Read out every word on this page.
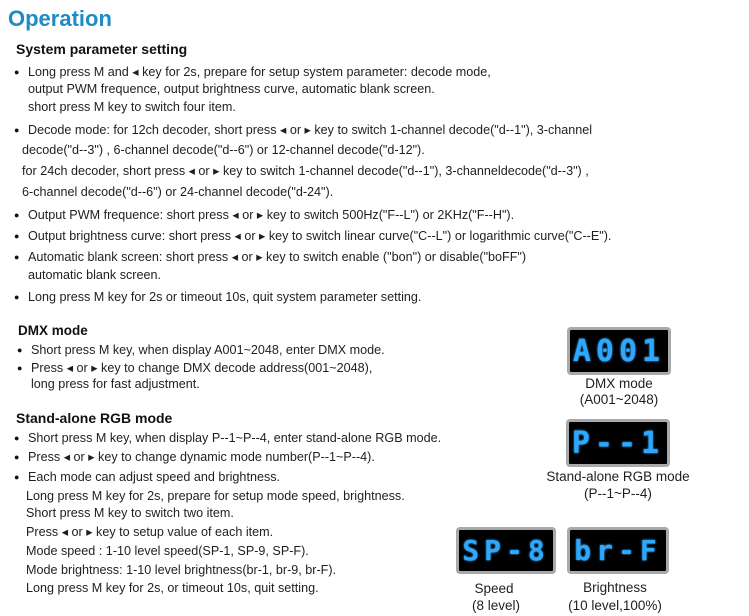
Operation
System parameter setting
● Long press M and ◂ key for 2s, prepare for setup system parameter: decode mode,
output PWM frequence, output brightness curve, automatic blank screen.
short press M key to switch four item.
● Decode mode: for 12ch decoder, short press ◂ or ▸ key to switch 1-channel decode("d--1"), 3-channel
decode("d--3") , 6-channel decode("d--6") or 12-channel decode("d-12").
for 24ch decoder, short press ◂ or ▸ key to switch 1-channel decode("d--1"), 3-channeldecode("d--3") ,
6-channel decode("d--6") or 24-channel decode("d-24").
● Output PWM frequence: short press ◂ or ▸ key to switch 500Hz("F--L") or 2KHz("F--H").
● Output brightness curve: short press ◂ or ▸ key to switch linear curve("C--L") or logarithmic curve("C--E").
● Automatic blank screen: short press ◂ or ▸ key to switch enable ("bon") or disable("boFF")
automatic blank screen.
● Long press M key for 2s or timeout 10s, quit system parameter setting.
DMX mode
● Short press M key, when display A001~2048, enter DMX mode.
● Press ◂ or ▸ key to change DMX decode address(001~2048),
long press for fast adjustment.
A001
DMX mode
(A001~2048)
Stand-alone RGB mode
● Short press M key, when display P--1~P--4, enter stand-alone RGB mode.
● Press ◂ or ▸ key to change dynamic mode number(P--1~P--4).
● Each mode can adjust speed and brightness.
Long press M key for 2s, prepare for setup mode speed, brightness.
Short press M key to switch two item.
Press ◂ or ▸ key to setup value of each item.
Mode speed : 1-10 level speed(SP-1, SP-9, SP-F).
Mode brightness: 1-10 level brightness(br-1, br-9, br-F).
Long press M key for 2s, or timeout 10s, quit setting.
P--1
Stand-alone RGB mode
(P--1~P--4)
SP-8 br-F
Speed
(8 level)
Brightness
(10 level,100%)
